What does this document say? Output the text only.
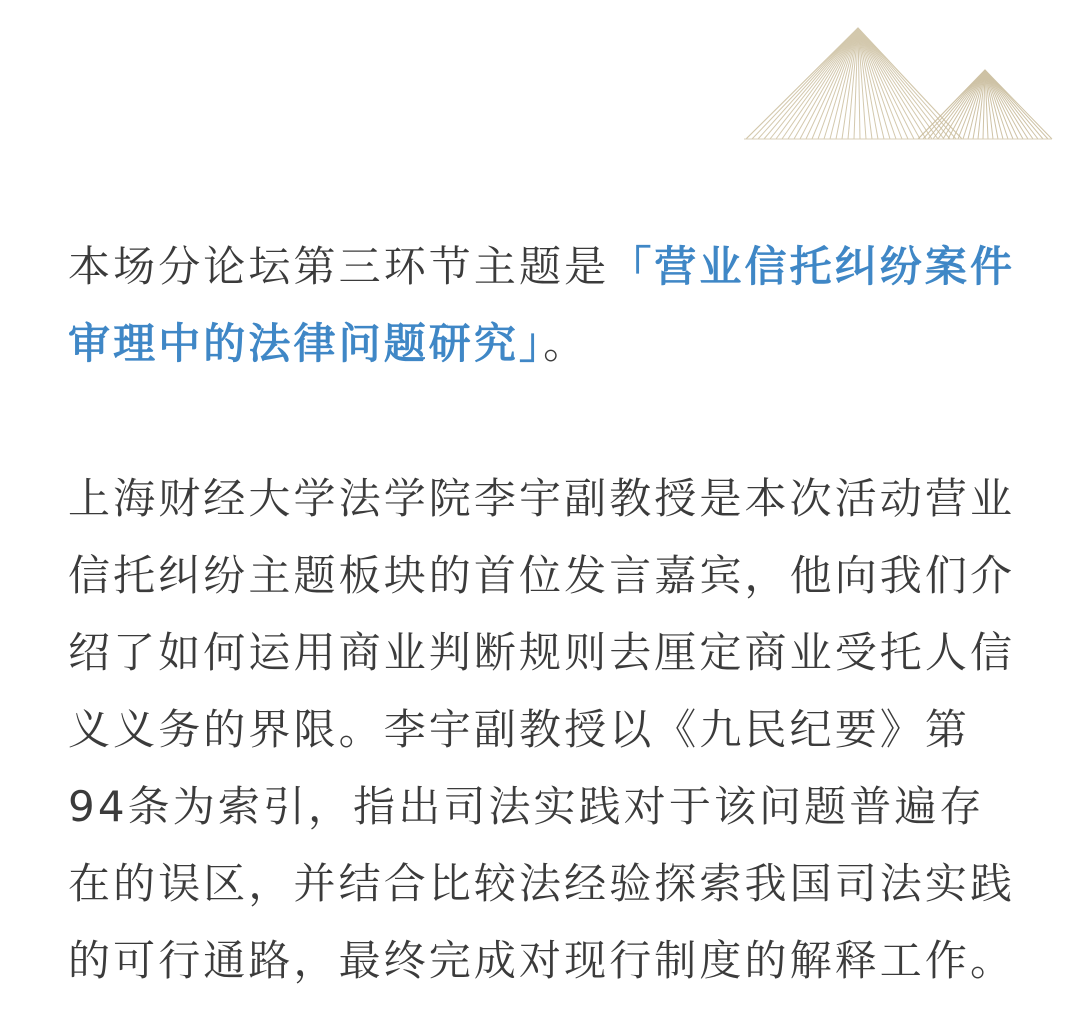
本场分论坛第三环节主题是「营业信托纠纷案件审理中的法律问题研究」。

上海财经大学法学院李宇副教授是本次活动营业信托纠纷主题板块的首位发言嘉宾，他向我们介绍了如何运用商业判断规则去厘定商业受托人信义义务的界限。李宇副教授以《九民纪要》第94条为索引，指出司法实践对于该问题普遍存在的误区，并结合比较法经验探索我国司法实践的可行通路，最终完成对现行制度的解释工作。
